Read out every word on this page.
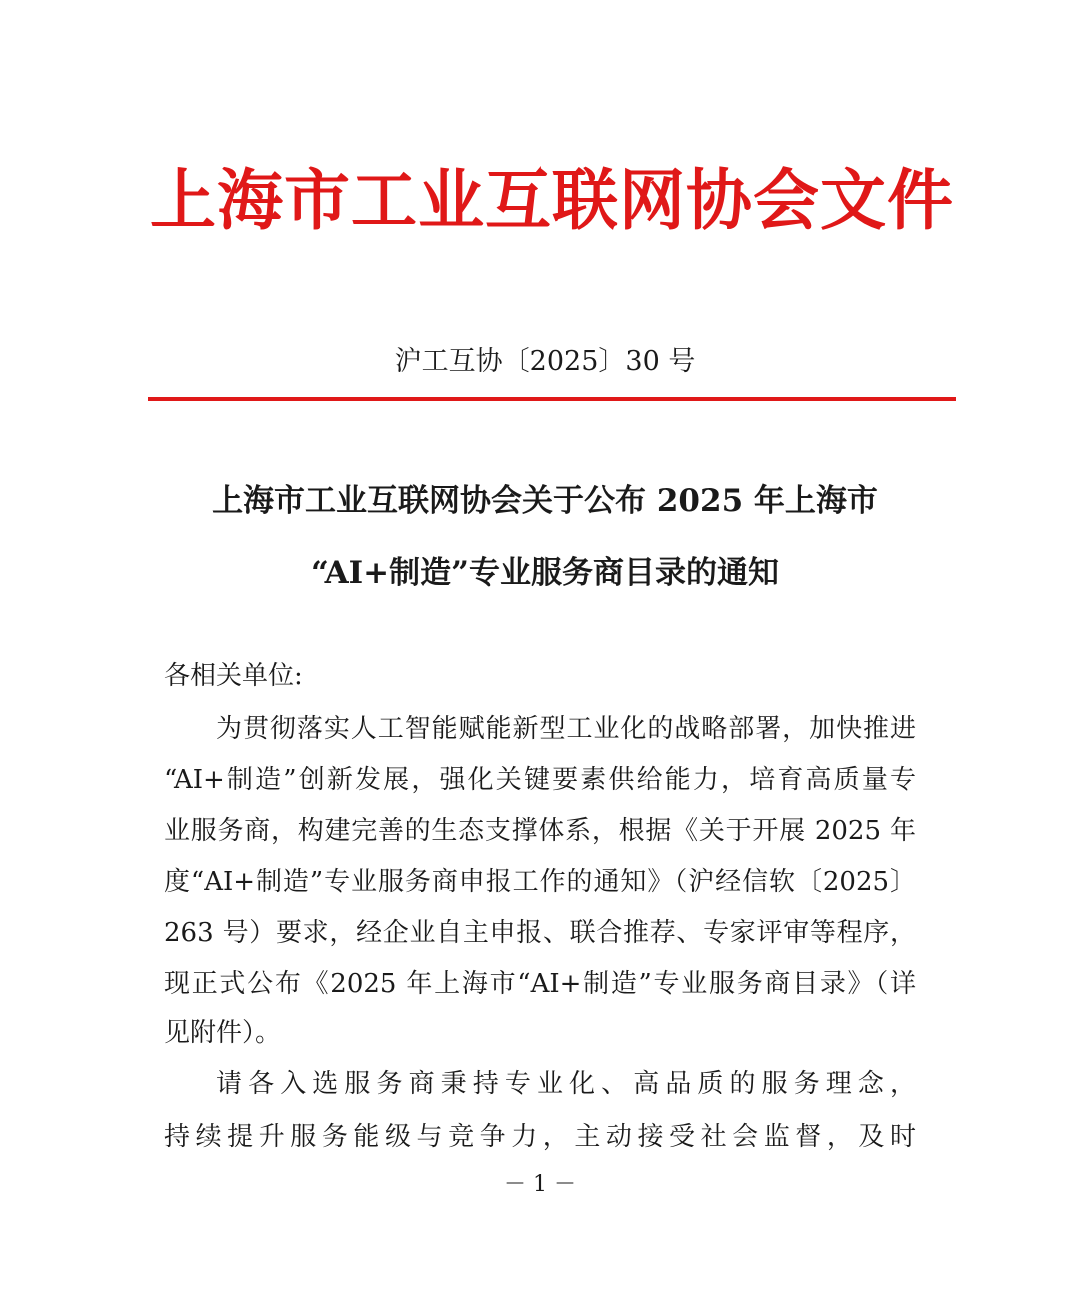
上海市工业互联网协会文件
沪工互协〔2025〕30 号
上海市工业互联网协会关于公布 2025 年上海市
“AI+制造”专业服务商目录的通知
各相关单位:
为贯彻落实人工智能赋能新型工业化的战略部署，加快推进
“AI+制造”创新发展，强化关键要素供给能力，培育高质量专
业服务商，构建完善的生态支撑体系，根据《关于开展 2025 年
度“AI+制造”专业服务商申报工作的通知》（沪经信软〔2025〕
263 号）要求，经企业自主申报、联合推荐、专家评审等程序，
现正式公布《2025 年上海市“AI+制造”专业服务商目录》（详
见附件）。
请各入选服务商秉持专业化、高品质的服务理念，
持续提升服务能级与竞争力，主动接受社会监督，及时
－ 1 －
